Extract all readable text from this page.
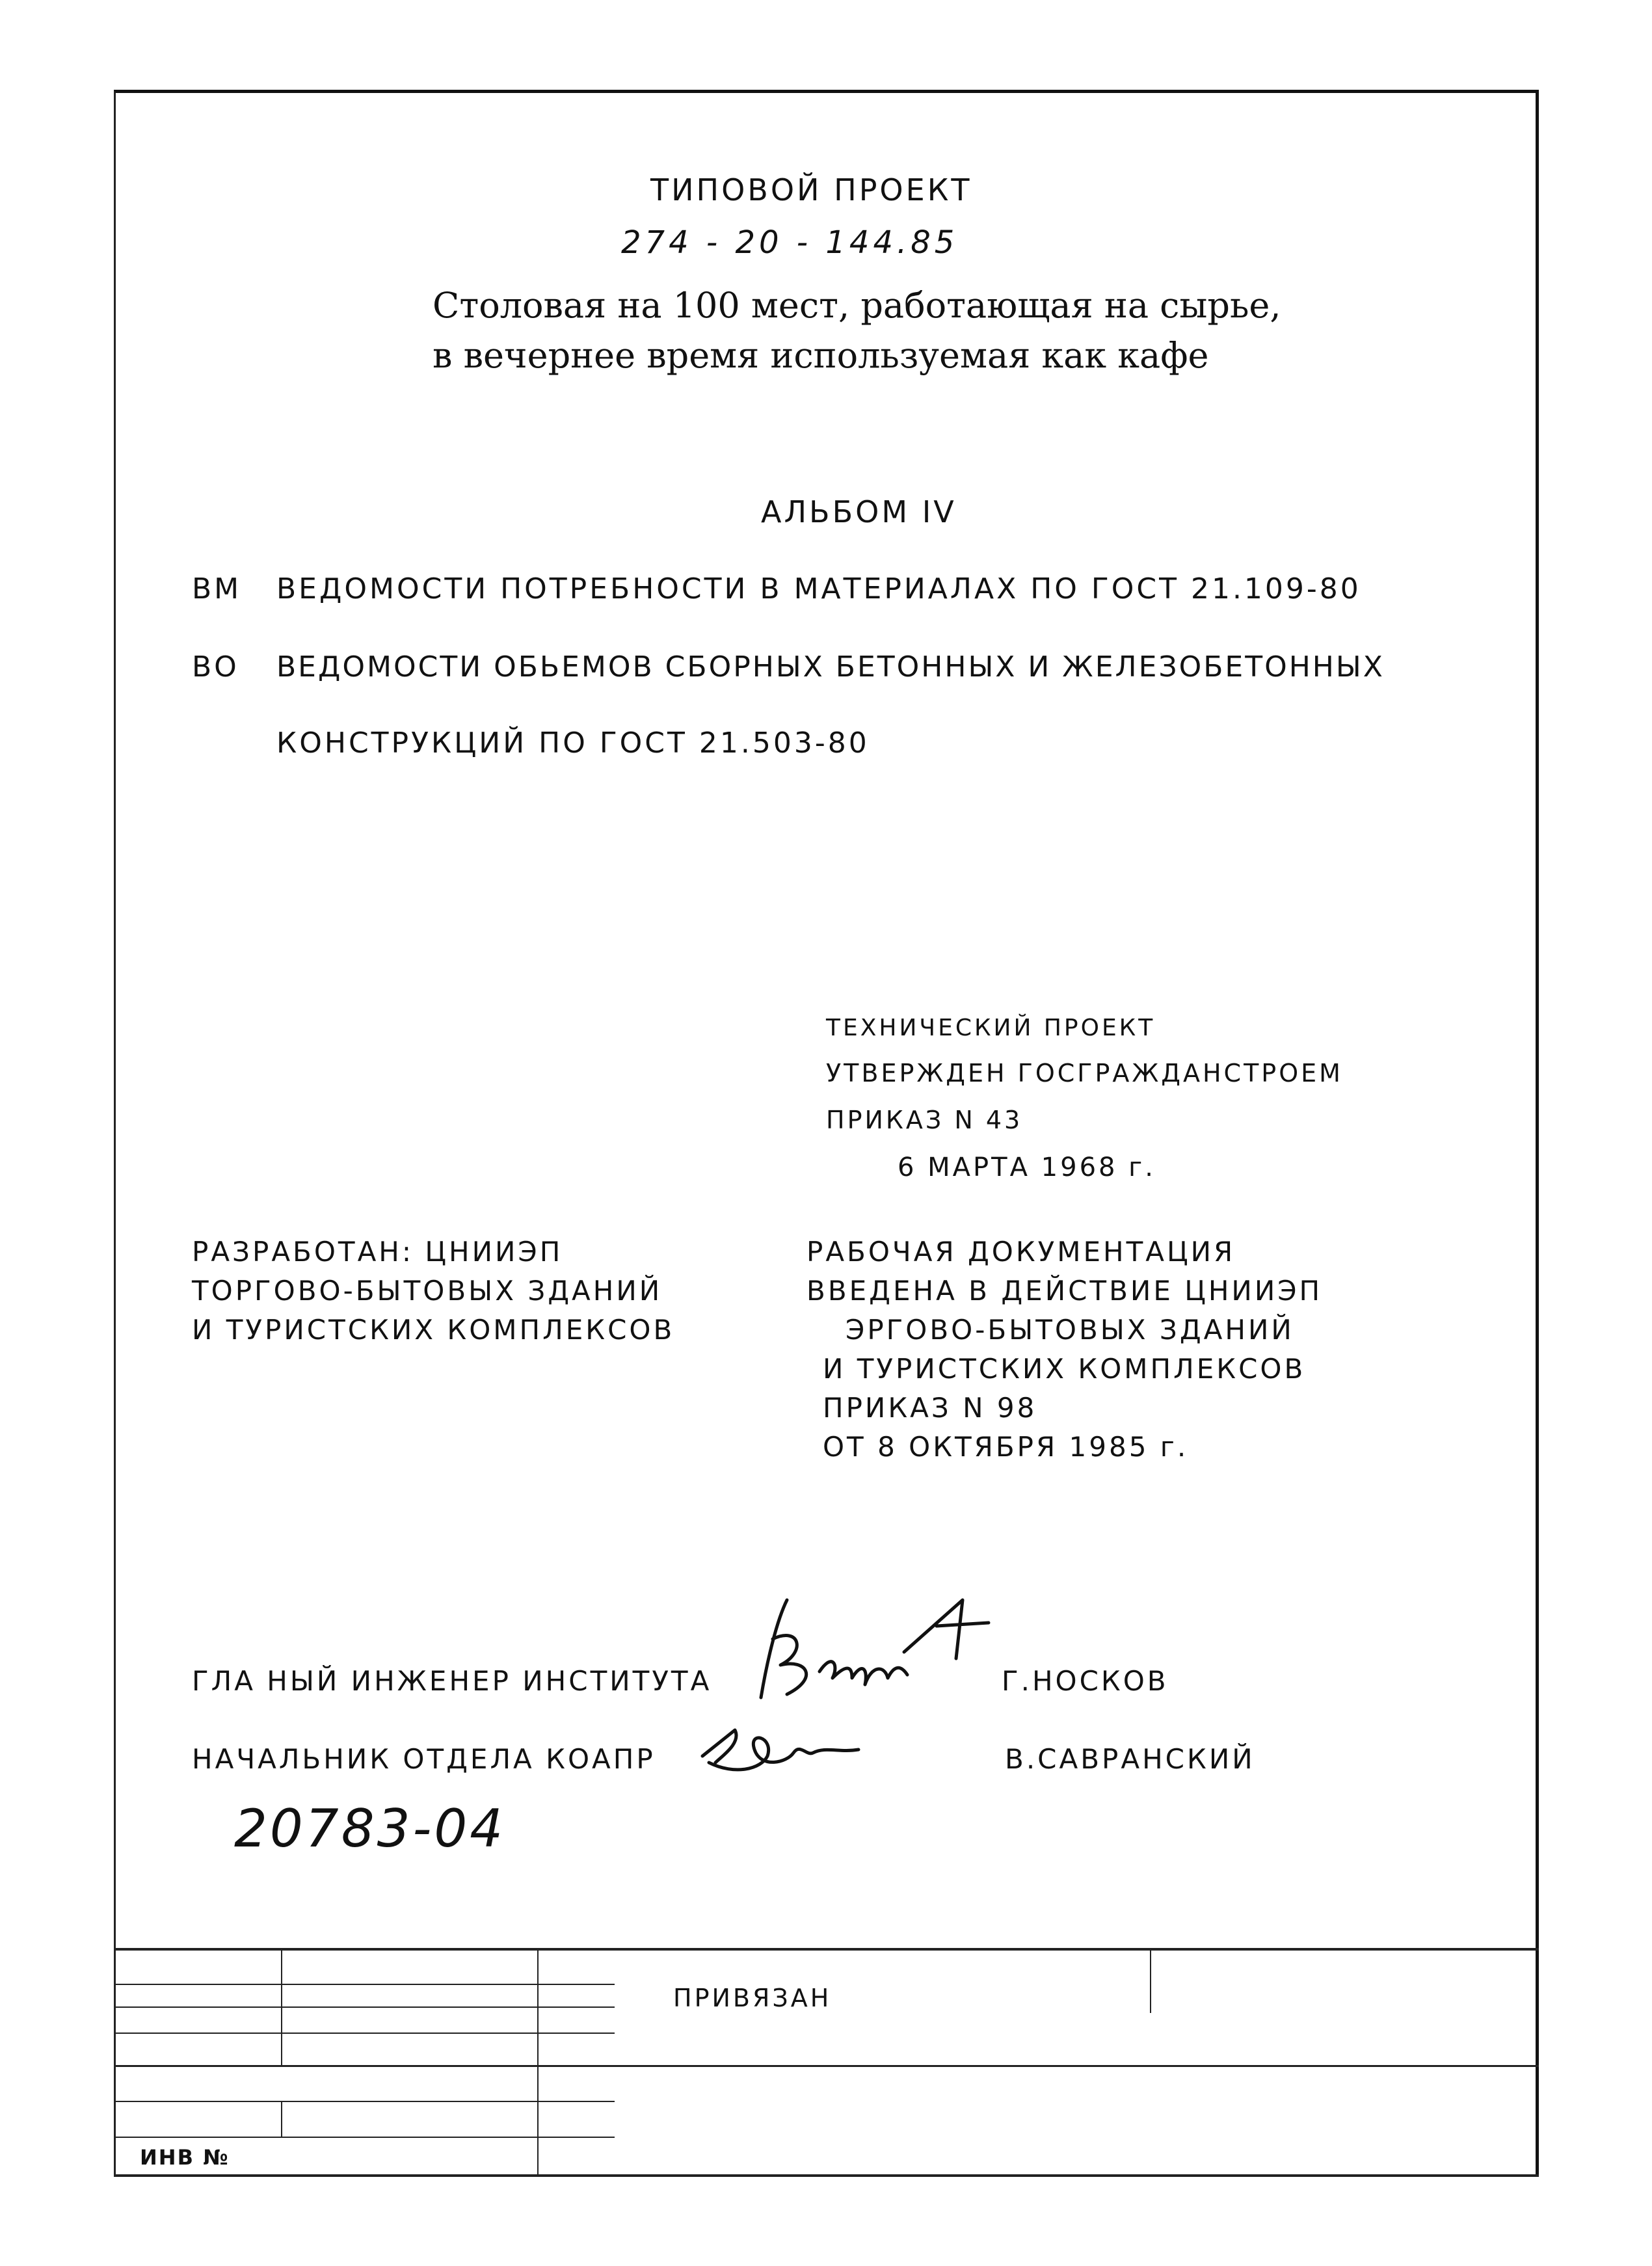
ТИПОВОЙ ПРОЕКТ
274 - 20 - 144.85
Столовая на 100 мест, работающая на сырье,
в вечернее время используемая как кафе
АЛЬБОМ IV
ВМ ВЕДОМОСТИ ПОТРЕБНОСТИ В МАТЕРИАЛАХ ПО ГОСТ 21.109-80
ВО ВЕДОМОСТИ ОБЬЕМОВ СБОРНЫХ БЕТОННЫХ И ЖЕЛЕЗОБЕТОННЫХ
КОНСТРУКЦИЙ ПО ГОСТ 21.503-80
ТЕХНИЧЕСКИЙ ПРОЕКТ
УТВЕРЖДЕН ГОСГРАЖДАНСТРОЕМ
ПРИКАЗ N 43
6 МАРТА 1968 г.
РАЗРАБОТАН: ЦНИИЭП
ТОРГОВО-БЫТОВЫХ ЗДАНИЙ
И ТУРИСТСКИХ КОМПЛЕКСОВ
РАБОЧАЯ ДОКУМЕНТАЦИЯ
ВВЕДЕНА В ДЕЙСТВИЕ ЦНИИЭП
ЭРГОВО-БЫТОВЫХ ЗДАНИЙ
И ТУРИСТСКИХ КОМПЛЕКСОВ
ПРИКАЗ N 98
ОТ 8 ОКТЯБРЯ 1985 г.
ГЛА НЫЙ ИНЖЕНЕР ИНСТИТУТА	Г.НОСКОВ
НАЧАЛЬНИК ОТДЕЛА КОАПР	В.САВРАНСКИЙ
20783-04
ПРИВЯЗАН
ИНВ №
